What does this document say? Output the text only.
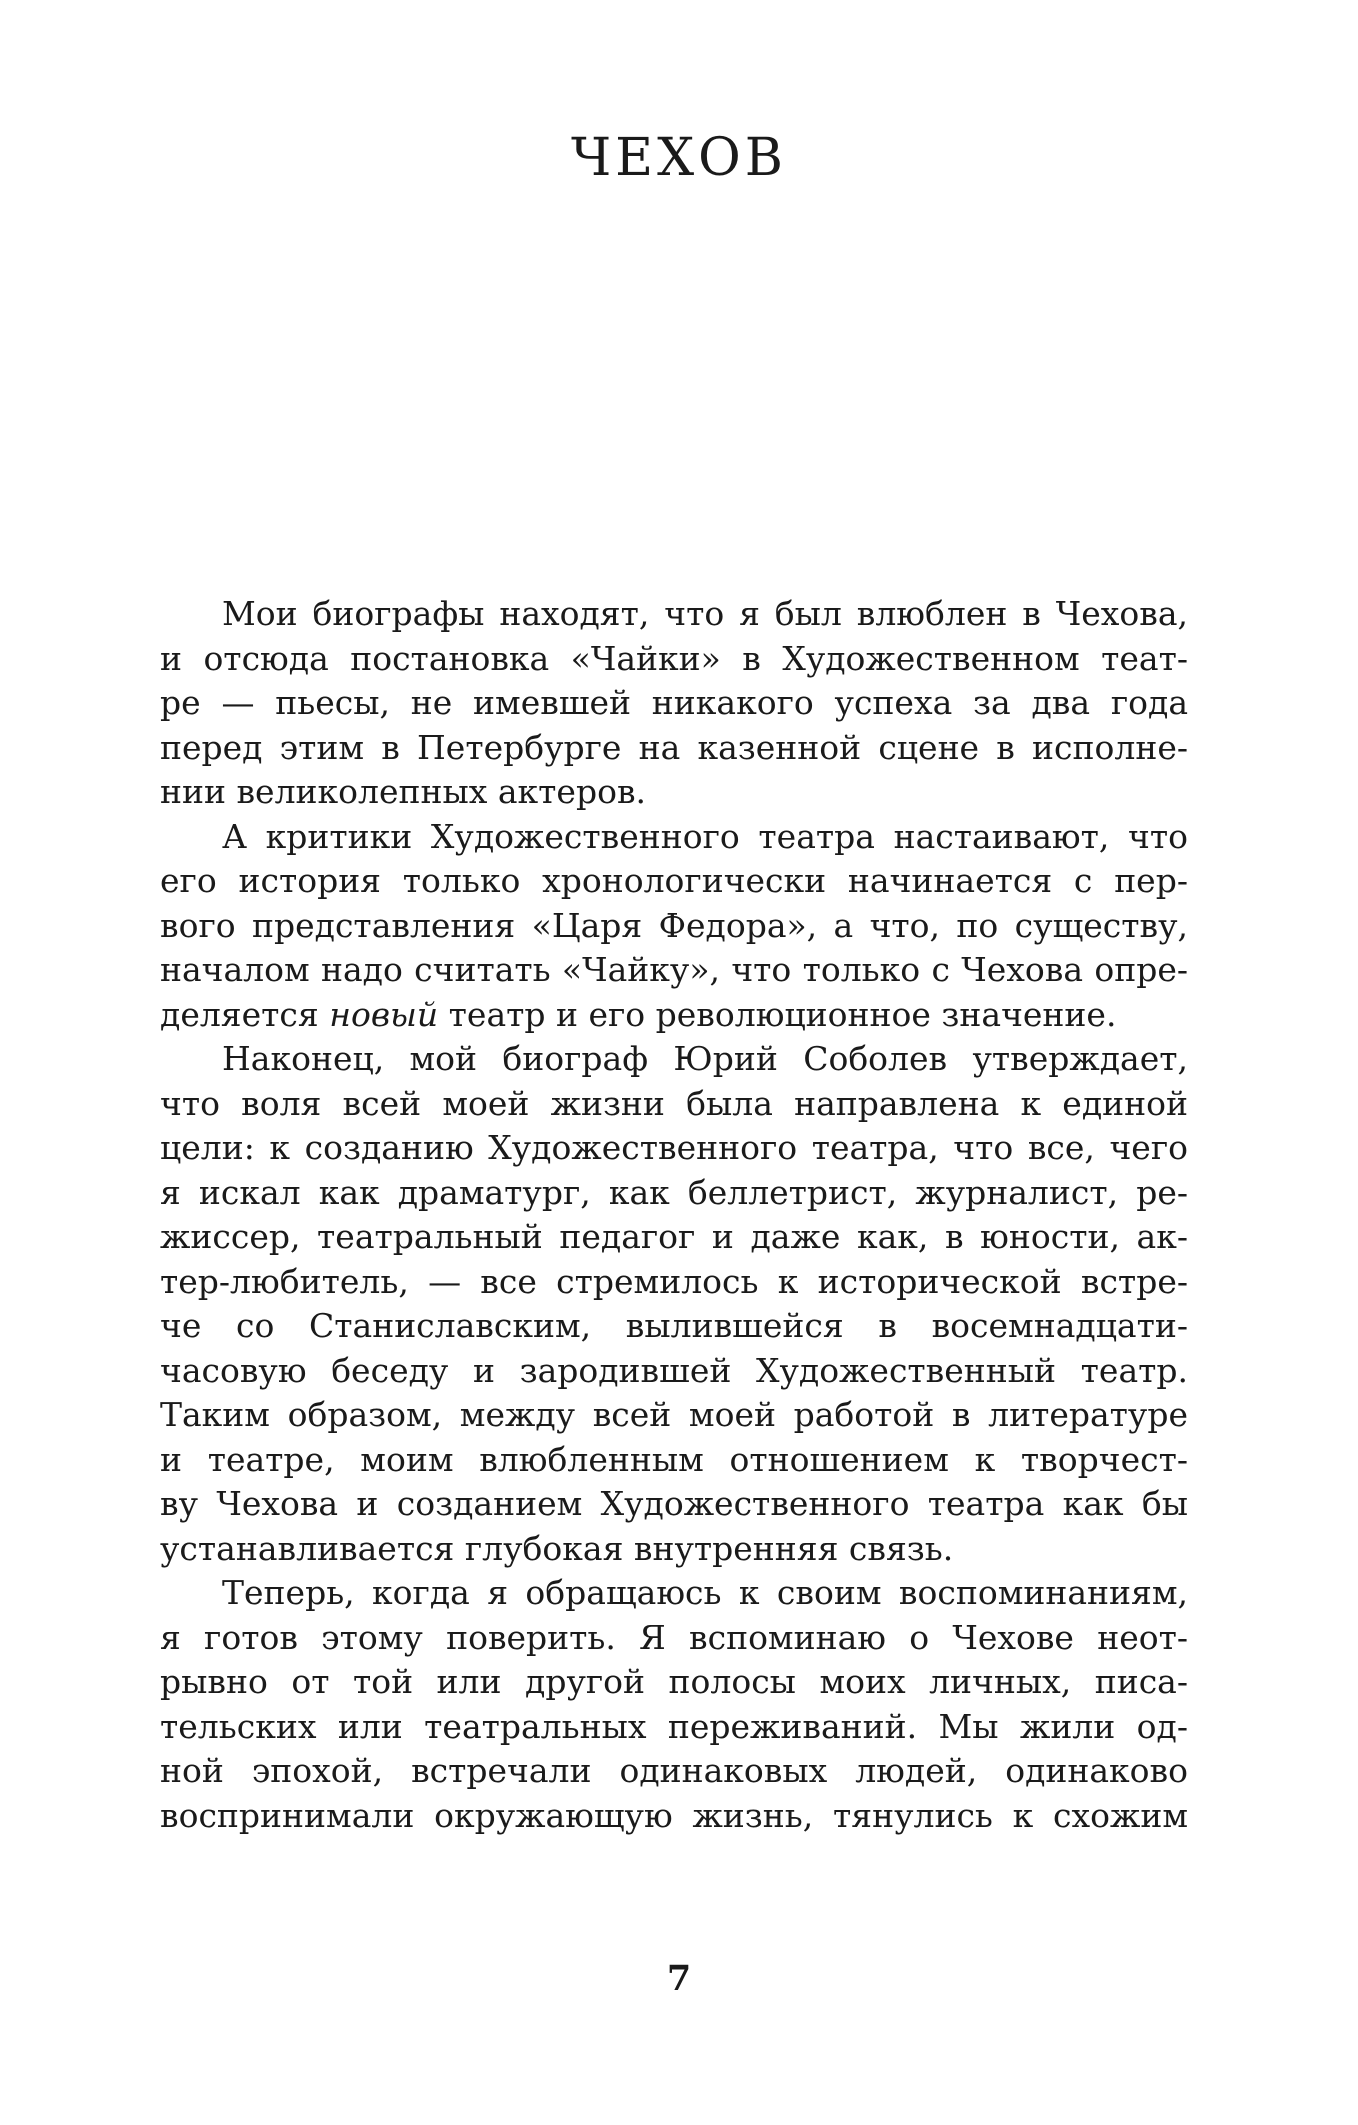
ЧЕХОВ
Мои биографы находят, что я был влюблен в Чехова,
и отсюда постановка «Чайки» в Художественном теат-
ре — пьесы, не имевшей никакого успеха за два года
перед этим в Петербурге на казенной сцене в исполне-
нии великолепных актеров.
А критики Художественного театра настаивают, что
его история только хронологически начинается с пер-
вого представления «Царя Федора», а что, по существу,
началом надо считать «Чайку», что только с Чехова опре-
деляется новый театр и его революционное значение.
Наконец, мой биограф Юрий Соболев утверждает,
что воля всей моей жизни была направлена к единой
цели: к созданию Художественного театра, что все, чего
я искал как драматург, как беллетрист, журналист, ре-
жиссер, театральный педагог и даже как, в юности, ак-
тер-любитель, — все стремилось к исторической встре-
че со Станиславским, вылившейся в восемнадцати-
часовую беседу и зародившей Художественный театр.
Таким образом, между всей моей работой в литературе
и театре, моим влюбленным отношением к творчест-
ву Чехова и созданием Художественного театра как бы
устанавливается глубокая внутренняя связь.
Теперь, когда я обращаюсь к своим воспоминаниям,
я готов этому поверить. Я вспоминаю о Чехове неот-
рывно от той или другой полосы моих личных, писа-
тельских или театральных переживаний. Мы жили од-
ной эпохой, встречали одинаковых людей, одинаково
воспринимали окружающую жизнь, тянулись к схожим
7
